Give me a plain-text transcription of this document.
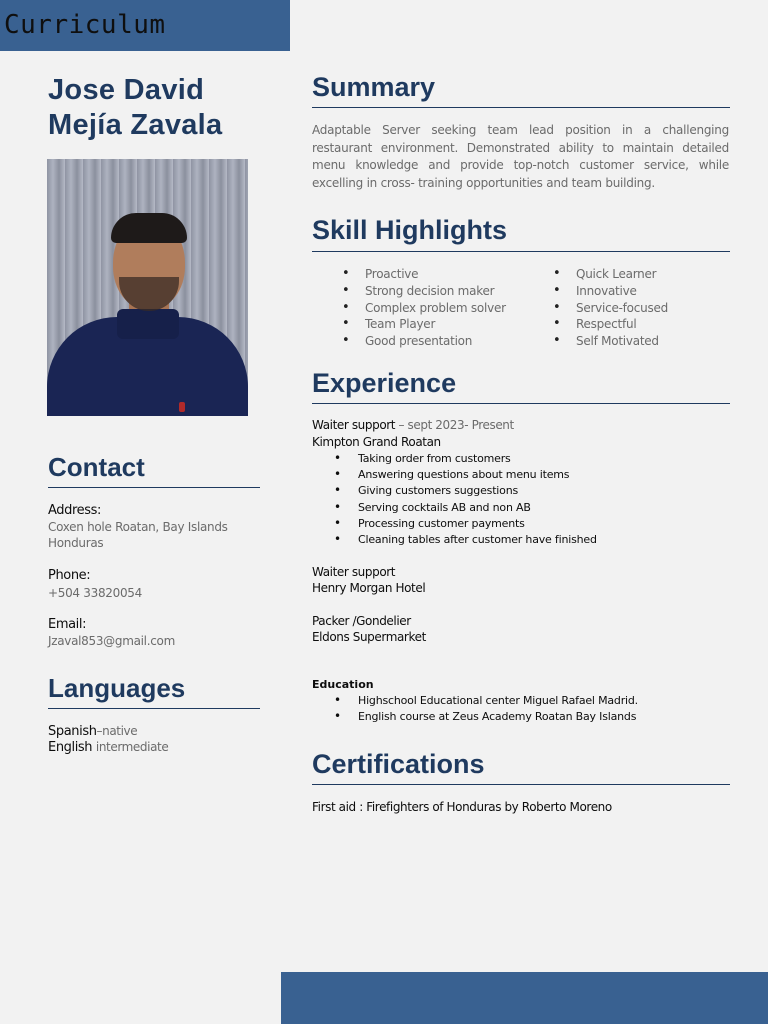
Curriculum
Jose David
Mejía Zavala
Contact
Address:
Coxen hole Roatan, Bay Islands
Honduras
Phone:
+504 33820054
Email:
Jzaval853@gmail.com
Languages
Spanish–native
English intermediate
Summary
Adaptable Server seeking team lead position in a challenging restaurant environment. Demonstrated ability to maintain detailed menu knowledge and provide top-notch customer service, while excelling in cross- training opportunities and team building.
Skill Highlights
• Proactive
• Strong decision maker
• Complex problem solver
• Team Player
• Good presentation
• Quick Learner
• Innovative
• Service-focused
• Respectful
• Self Motivated
Experience
Waiter support – sept 2023- Present
Kimpton Grand Roatan
• Taking order from customers
• Answering questions about menu items
• Giving customers suggestions
• Serving cocktails AB and non AB
• Processing customer payments
• Cleaning tables after customer have finished
Waiter support
Henry Morgan Hotel
Packer /Gondelier
Eldons Supermarket
Education
• Highschool Educational center Miguel Rafael Madrid.
• English course at Zeus Academy Roatan Bay Islands
Certifications
First aid : Firefighters of Honduras by Roberto Moreno
